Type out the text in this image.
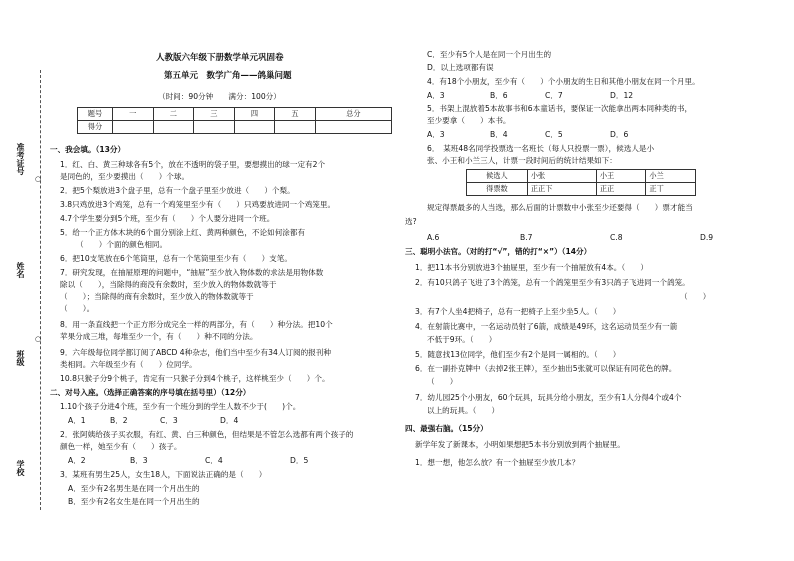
准考证号
姓名
班级
学校
○
○
人教版六年级下册数学单元巩固卷
第五单元　数学广角——鸽巢问题
（时间：90分钟　　满分：100分）
题号	一	二	三	四	五	总分
得分						
一、我会填。（13分）
1．红、白、黄三种球各有5个，放在不透明的袋子里，要想摸出的球一定有2个
是同色的，至少要摸出（　　）个球。
2．把5个梨放进3个盘子里，总有一个盘子里至少放进（　　）个梨。
3.8只鸡放进3个鸡笼，总有一个鸡笼里至少有（　　）只鸡要放进同一个鸡笼里。
4.7个学生要分到5个班，至少有（　　）个人要分进同一个班。
5．给一个正方体木块的6个面分别涂上红、黄两种颜色，不论如何涂都有
（　　）个面的颜色相同。
6．把10支笔放在6个笔筒里，总有一个笔筒里至少有（　　）支笔。
7．研究发现，在抽屉原理的问题中，“抽屉”至少放入物体数的求法是用物体数
除以（　　），当除得的商没有余数时，至少放入的物体数就等于
（　　）；当除得的商有余数时，至少放入的物体数就等于
（　　）。
8．用一条直线把一个正方形分成完全一样的两部分，有（　　）种分法。把10个
苹果分成三堆，每堆至少一个，有（　　）种不同的分法。
9．六年级每位同学都订阅了ABCD 4种杂志，他们当中至少有34人订阅的报刊种
类相同。六年级至少有（　　）位同学。
10.8只猴子分9个桃子，肯定有一只猴子分到4个桃子，这样桃至少（　　）个。
二、对号入座。（选择正确答案的序号填在括号里）（12分）
1.10个孩子分进4个班，至少有一个班分到的学生人数不少于(　　)个。
A．1	B．2	C．3	D．4
2．张阿姨给孩子买衣服，有红、黄、白三种颜色，但结果是不管怎么选都有两个孩子的
颜色一样，她至少有（　　）孩子。
A．2	B．3	C．4	D．5
3．某班有男生25人，女生18人，下面说法正确的是（　　）
A．至少有2名男生是在同一个月出生的
B．至少有2名女生是在同一个月出生的
C．至少有5个人是在同一个月出生的
D．以上选项都有误
4．有18个小朋友，至少有（　　）个小朋友的生日和其他小朋友在同一个月里。
A．3	B．6	C．7	D．12
5．书架上混放着5本故事书和6本童话书，要保证一次能拿出两本同种类的书，
至少要拿（　　）本书。
A．3	B．4	C．5	D．6
6．　某班48名同学投票选一名班长（每人只投票一票），候选人是小
张、小王和小兰三人，计票一段时间后的统计结果如下：
候选人	小张	小王	小兰
得票数	正正下	正正	正丅
规定得票最多的人当选，那么后面的计票数中小张至少还要得（　　）票才能当
选?
A.6	B.7	C.8	D.9
三、聪明小法官。（对的打“√”，错的打“×”）（14分）
1．把11本书分别放进3个抽屉里，至少有一个抽屉放有4本。（　　）
2．有10只鸽子飞进了3个鸽笼，总有一个鸽笼里至少有3只鸽子飞进同一个鸽笼。
（　　）
3．有7个人坐4把椅子，总有一把椅子上至少坐5人。（　　）
4．在射箭比赛中，一名运动员射了6箭，成绩是49环，这名运动员至少有一箭
不低于9环。（　　）
5．随意找13位同学，他们至少有2个是同一属相的。（　　）
6．在一副扑克牌中（去掉2张王牌），至少抽出5张就可以保证有同花色的牌。
（　　）
7．幼儿园25个小朋友，60个玩具，玩具分给小朋友，至少有1人分得4个或4个
以上的玩具。（　　）
四、最强右脑。（15分）
新学年发了新课本，小明如果想把5本书分别放到两个抽屉里。
1．想一想，他怎么放？有一个抽屉至少放几本？
